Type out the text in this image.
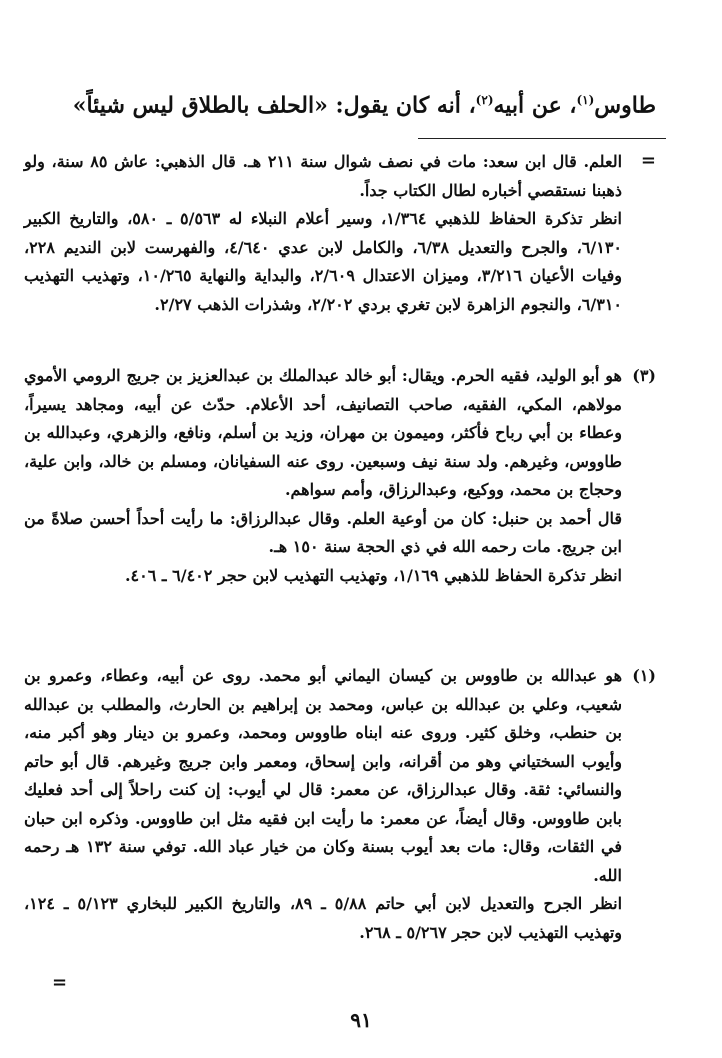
طاوس$^{(١)}$، عن أبيه$^{(٢)}$، أنه كان يقول: «الحلف بالطلاق ليس شيئاً»
=

العلم. قال ابن سعد: مات في نصف شوال سنة ٢١١ هـ. قال الذهبي: عاش ٨٥ سنة، ولو ذهبنا نستقصي أخباره لطال الكتاب جداً.

انظر تذكرة الحفاظ للذهبي ١/٣٦٤، وسير أعلام النبلاء له ٥/٥٦٣ ـ ٥٨٠، والتاريخ الكبير ٦/١٣٠، والجرح والتعديل ٦/٣٨، والكامل لابن عدي ٤/٦٤٠، والفهرست لابن النديم ٢٢٨، وفيات الأعيان ٣/٢١٦، وميزان الاعتدال ٢/٦٠٩، والبداية والنهاية ١٠/٢٦٥، وتهذيب التهذيب ٦/٣١٠، والنجوم الزاهرة لابن تغري بردي ٢/٢٠٢، وشذرات الذهب ٢/٢٧.

(٣)

هو أبو الوليد، فقيه الحرم. ويقال: أبو خالد عبدالملك بن عبدالعزيز بن جريج الرومي الأموي مولاهم، المكي، الفقيه، صاحب التصانيف، أحد الأعلام. حدّث عن أبيه، ومجاهد يسيراً، وعطاء بن أبي رباح فأكثر، وميمون بن مهران، وزيد بن أسلم، ونافع، والزهري، وعبدالله بن طاووس، وغيرهم. ولد سنة نيف وسبعين. روى عنه السفيانان، ومسلم بن خالد، وابن علية، وحجاج بن محمد، ووكيع، وعبدالرزاق، وأمم سواهم.

قال أحمد بن حنبل: كان من أوعية العلم. وقال عبدالرزاق: ما رأيت أحداً أحسن صلاةً من ابن جريج. مات رحمه الله في ذي الحجة سنة ١٥٠ هـ.

انظر تذكرة الحفاظ للذهبي ١/١٦٩، وتهذيب التهذيب لابن حجر ٦/٤٠٢ ـ ٤٠٦.

(١)

هو عبدالله بن طاووس بن كيسان اليماني أبو محمد. روى عن أبيه، وعطاء، وعمرو بن شعيب، وعلي بن عبدالله بن عباس، ومحمد بن إبراهيم بن الحارث، والمطلب بن عبدالله بن حنطب، وخلق كثير. وروى عنه ابناه طاووس ومحمد، وعمرو بن دينار وهو أكبر منه، وأيوب السختياني وهو من أقرانه، وابن إسحاق، ومعمر وابن جريج وغيرهم. قال أبو حاتم والنسائي: ثقة. وقال عبدالرزاق، عن معمر: قال لي أيوب: إن كنت راحلاً إلى أحد فعليك بابن طاووس. وقال أيضاً، عن معمر: ما رأيت ابن فقيه مثل ابن طاووس. وذكره ابن حبان في الثقات، وقال: مات بعد أيوب بسنة وكان من خيار عباد الله. توفي سنة ١٣٢ هـ رحمه الله.

انظر الجرح والتعديل لابن أبي حاتم ٥/٨٨ ـ ٨٩، والتاريخ الكبير للبخاري ٥/١٢٣ ـ ١٢٤، وتهذيب التهذيب لابن حجر ٥/٢٦٧ ـ ٢٦٨.

=
٩١
